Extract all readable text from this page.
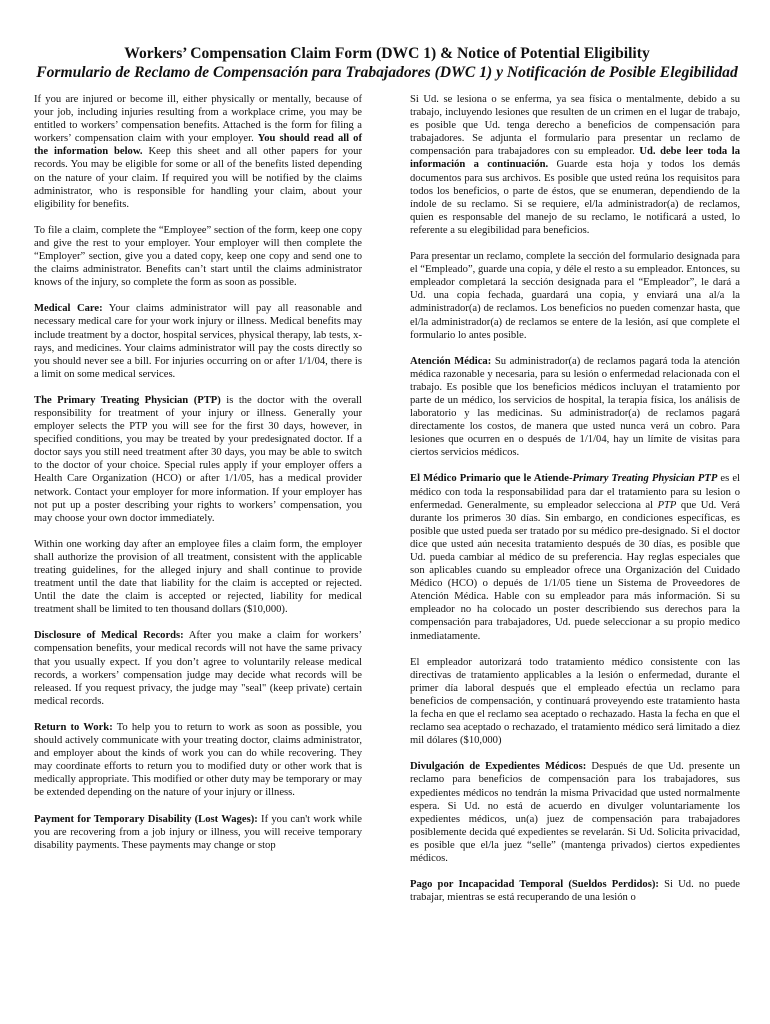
Workers’ Compensation Claim Form (DWC 1) & Notice of Potential Eligibility
Formulario de Reclamo de Compensación para Trabajadores (DWC 1) y Notificación de Posible Elegibilidad

If you are injured or become ill, either physically or mentally, because of your job, including injuries resulting from a workplace crime, you may be entitled to workers’ compensation benefits. Attached is the form for filing a workers’ compensation claim with your employer. You should read all of the information below. Keep this sheet and all other papers for your records. You may be eligible for some or all of the benefits listed depending on the nature of your claim. If required you will be notified by the claims administrator, who is responsible for handling your claim, about your eligibility for benefits.

To file a claim, complete the “Employee” section of the form, keep one copy and give the rest to your employer. Your employer will then complete the “Employer” section, give you a dated copy, keep one copy and send one to the claims administrator. Benefits can’t start until the claims administrator knows of the injury, so complete the form as soon as possible.

Medical Care: Your claims administrator will pay all reasonable and necessary medical care for your work injury or illness. Medical benefits may include treatment by a doctor, hospital services, physical therapy, lab tests, x-rays, and medicines. Your claims administrator will pay the costs directly so you should never see a bill. For injuries occurring on or after 1/1/04, there is a limit on some medical services.

The Primary Treating Physician (PTP) is the doctor with the overall responsibility for treatment of your injury or illness. Generally your employer selects the PTP you will see for the first 30 days, however, in specified conditions, you may be treated by your predesignated doctor. If a doctor says you still need treatment after 30 days, you may be able to switch to the doctor of your choice. Special rules apply if your employer offers a Health Care Organization (HCO) or after 1/1/05, has a medical provider network. Contact your employer for more information. If your employer has not put up a poster describing your rights to workers’ compensation, you may choose your own doctor immediately.

Within one working day after an employee files a claim form, the employer shall authorize the provision of all treatment, consistent with the applicable treating guidelines, for the alleged injury and shall continue to provide treatment until the date that liability for the claim is accepted or rejected. Until the date the claim is accepted or rejected, liability for medical treatment shall be limited to ten thousand dollars ($10,000).

Disclosure of Medical Records: After you make a claim for workers’ compensation benefits, your medical records will not have the same privacy that you usually expect. If you don’t agree to voluntarily release medical records, a workers’ compensation judge may decide what records will be released. If you request privacy, the judge may "seal" (keep private) certain medical records.

Return to Work: To help you to return to work as soon as possible, you should actively communicate with your treating doctor, claims administrator, and employer about the kinds of work you can do while recovering. They may coordinate efforts to return you to modified duty or other work that is medically appropriate. This modified or other duty may be temporary or may be extended depending on the nature of your injury or illness.

Payment for Temporary Disability (Lost Wages): If you can't work while you are recovering from a job injury or illness, you will receive temporary disability payments. These payments may change or stop

Si Ud. se lesiona o se enferma, ya sea física o mentalmente, debido a su trabajo, incluyendo lesiones que resulten de un crimen en el lugar de trabajo, es posible que Ud. tenga derecho a beneficios de compensación para trabajadores. Se adjunta el formulario para presentar un reclamo de compensación para trabajadores con su empleador. Ud. debe leer toda la información a continuación. Guarde esta hoja y todos los demás documentos para sus archivos. Es posible que usted reúna los requisitos para todos los beneficios, o parte de éstos, que se enumeran, dependiendo de la índole de su reclamo. Si se requiere, el/la administrador(a) de reclamos, quien es responsable del manejo de su reclamo, le notificará a usted, lo referente a su elegibilidad para beneficios.

Para presentar un reclamo, complete la sección del formulario designada para el “Empleado”, guarde una copia, y déle el resto a su empleador. Entonces, su empleador completará la sección designada para el “Empleador”, le dará a Ud. una copia fechada, guardará una copia, y enviará una al/a la administrador(a) de reclamos. Los beneficios no pueden comenzar hasta, que el/la administrador(a) de reclamos se entere de la lesión, así que complete el formulario lo antes posible.

Atención Médica: Su administrador(a) de reclamos pagará toda la atención médica razonable y necesaria, para su lesión o enfermedad relacionada con el trabajo. Es posible que los beneficios médicos incluyan el tratamiento por parte de un médico, los servicios de hospital, la terapia física, los análisis de laboratorio y las medicinas. Su administrador(a) de reclamos pagará directamente los costos, de manera que usted nunca verá un cobro. Para lesiones que ocurren en o después de 1/1/04, hay un límite de visitas para ciertos servicios médicos.

El Médico Primario que le Atiende-Primary Treating Physician PTP es el médico con toda la responsabilidad para dar el tratamiento para su lesion o enfermedad. Generalmente, su empleador selecciona al PTP que Ud. Verá durante los primeros 30 días. Sin embargo, en condiciones específicas, es posible que usted pueda ser tratado por su médico pre-designado. Si el doctor dice que usted aún necesita tratamiento después de 30 días, es posible que Ud. pueda cambiar al médico de su preferencia. Hay reglas especiales que son aplicables cuando su empleador ofrece una Organización del Cuidado Médico (HCO) o depués de 1/1/05 tiene un Sistema de Proveedores de Atención Médica. Hable con su empleador para más información. Si su empleador no ha colocado un poster describiendo sus derechos para la compensación para trabajadores, Ud. puede seleccionar a su propio medico inmediatamente.

El empleador autorizará todo tratamiento médico consistente con las directivas de tratamiento applicables a la lesión o enfermedad, durante el primer día laboral después que el empleado efectúa un reclamo para beneficios de compensación, y continuará proveyendo este tratamiento hasta la fecha en que el reclamo sea aceptado o rechazado. Hasta la fecha en que el reclamo sea aceptado o rechazado, el tratamiento médico será limitado a diez mil dólares ($10,000)

Divulgación de Expedientes Médicos: Después de que Ud. presente un reclamo para beneficios de compensación para los trabajadores, sus expedientes médicos no tendrán la misma Privacidad que usted normalmente espera. Si Ud. no está de acuerdo en divulger voluntariamente los expedientes médicos, un(a) juez de compensación para trabajadores posiblemente decida qué expedientes se revelarán. Si Ud. Solicita privacidad, es posible que el/la juez “selle” (mantenga privados) ciertos expedientes médicos.

Pago por Incapacidad Temporal (Sueldos Perdidos): Si Ud. no puede trabajar, mientras se está recuperando de una lesión o
